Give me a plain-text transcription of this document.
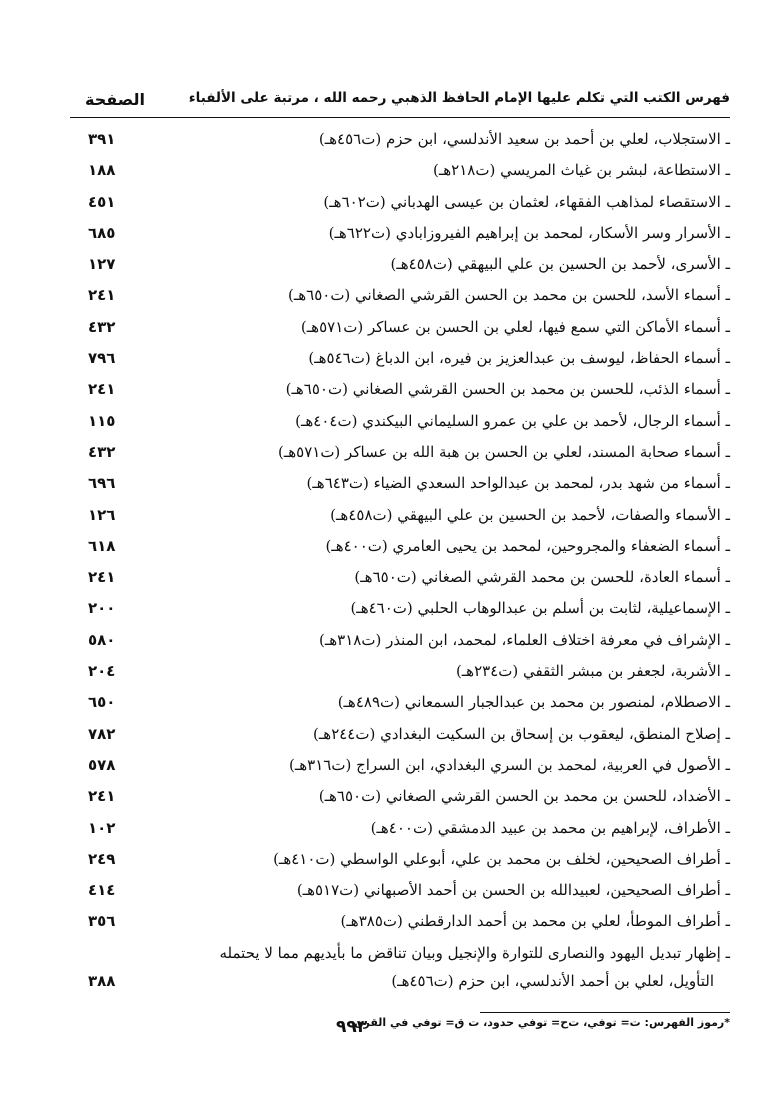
فهرس الكتب التي تكلم عليها الإمام الحافظ الذهبي رحمه الله ، مرتبة على الألفباء
الصفحة
ـ الاستجلاب، لعلي بن أحمد بن سعيد الأندلسي، ابن حزم (ت٤٥٦هـ)
٣٩١
ـ الاستطاعة، لبشر بن غياث المريسي (ت٢١٨هـ)
١٨٨
ـ الاستقصاء لمذاهب الفقهاء، لعثمان بن عيسى الهدباني (ت٦٠٢هـ)
٤٥١
ـ الأسرار وسر الأسكار، لمحمد بن إبراهيم الفيروزابادي (ت٦٢٢هـ)
٦٨٥
ـ الأسرى، لأحمد بن الحسين بن علي البيهقي (ت٤٥٨هـ)
١٢٧
ـ أسماء الأسد، للحسن بن محمد بن الحسن القرشي الصغاني (ت٦٥٠هـ)
٢٤١
ـ أسماء الأماكن التي سمع فيها، لعلي بن الحسن بن عساكر (ت٥٧١هـ)
٤٣٢
ـ أسماء الحفاظ، ليوسف بن عبدالعزيز بن فيره، ابن الدباغ (ت٥٤٦هـ)
٧٩٦
ـ أسماء الذئب، للحسن بن محمد بن الحسن القرشي الصغاني (ت٦٥٠هـ)
٢٤١
ـ أسماء الرجال، لأحمد بن علي بن عمرو السليماني البيكندي (ت٤٠٤هـ)
١١٥
ـ أسماء صحابة المسند، لعلي بن الحسن بن هبة الله بن عساكر (ت٥٧١هـ)
٤٣٢
ـ أسماء من شهد بدر، لمحمد بن عبدالواحد السعدي الضياء (ت٦٤٣هـ)
٦٩٦
ـ الأسماء والصفات، لأحمد بن الحسين بن علي البيهقي (ت٤٥٨هـ)
١٢٦
ـ أسماء الضعفاء والمجروحين، لمحمد بن يحيى العامري (ت٤٠٠هـ)
٦١٨
ـ أسماء العادة، للحسن بن محمد القرشي الصغاني (ت٦٥٠هـ)
٢٤١
ـ الإسماعيلية، لثابت بن أسلم بن عبدالوهاب الحلبي (ت٤٦٠هـ)
٢٠٠
ـ الإشراف في معرفة اختلاف العلماء، لمحمد، ابن المنذر (ت٣١٨هـ)
٥٨٠
ـ الأشربة، لجعفر بن مبشر الثقفي (ت٢٣٤هـ)
٢٠٤
ـ الاصطلام، لمنصور بن محمد بن عبدالجبار السمعاني (ت٤٨٩هـ)
٦٥٠
ـ إصلاح المنطق، ليعقوب بن إسحاق بن السكيت البغدادي (ت٢٤٤هـ)
٧٨٢
ـ الأصول في العربية، لمحمد بن السري البغدادي، ابن السراج (ت٣١٦هـ)
٥٧٨
ـ الأضداد، للحسن بن محمد بن الحسن القرشي الصغاني (ت٦٥٠هـ)
٢٤١
ـ الأطراف، لإبراهيم بن محمد بن عبيد الدمشقي (ت٤٠٠هـ)
١٠٢
ـ أطراف الصحيحين، لخلف بن محمد بن علي، أبوعلي الواسطي (ت٤١٠هـ)
٢٤٩
ـ أطراف الصحيحين، لعبيدالله بن الحسن بن أحمد الأصبهاني (ت٥١٧هـ)
٤١٤
ـ أطراف الموطأ، لعلي بن محمد بن أحمد الدارقطني (ت٣٨٥هـ)
٣٥٦
ـ إظهار تبديل اليهود والنصارى للتوارة والإنجيل وبيان تناقض ما بأيديهم مما لا يحتمله
التأويل، لعلي بن أحمد الأندلسي، ابن حزم (ت٤٥٦هـ)
٣٨٨
*رموز الفهرس: ت= توفي، ت‌ح= توفي حدود، ت ق= توفي في القرن
٩٩٣
